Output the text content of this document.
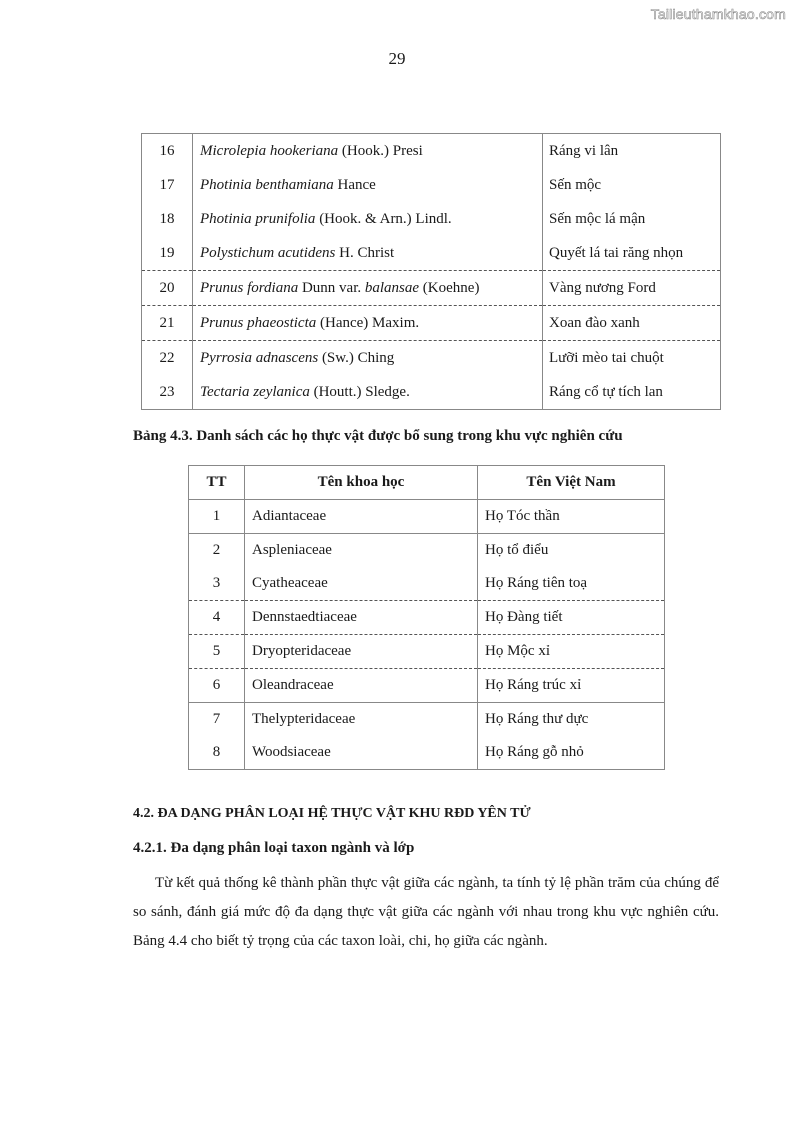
Tailieuthamkhao.com
29
16	Microlepia hookeriana (Hook.) Presi	Ráng vi lân
17	Photinia benthamiana Hance	Sến mộc
18	Photinia prunifolia (Hook. & Arn.) Lindl.	Sến mộc lá mận
19	Polystichum acutidens H. Christ	Quyết lá tai răng nhọn
20	Prunus fordiana Dunn var. balansae (Koehne)	Vàng nương Ford
21	Prunus phaeosticta (Hance) Maxim.	Xoan đào xanh
22	Pyrrosia adnascens (Sw.) Ching	Lưỡi mèo tai chuột
23	Tectaria zeylanica (Houtt.) Sledge.	Ráng cổ tự tích lan
Bảng 4.3. Danh sách các họ thực vật được bổ sung trong khu vực nghiên cứu
TT	Tên khoa học	Tên Việt Nam
1	Adiantaceae	Họ Tóc thần
2	Aspleniaceae	Họ tổ điểu
3	Cyatheaceae	Họ Ráng tiên toạ
4	Dennstaedtiaceae	Họ Đàng tiết
5	Dryopteridaceae	Họ Mộc xỉ
6	Oleandraceae	Họ Ráng trúc xỉ
7	Thelypteridaceae	Họ Ráng thư dực
8	Woodsiaceae	Họ Ráng gỗ nhỏ
4.2. ĐA DẠNG PHÂN LOẠI HỆ THỰC VẬT KHU RĐD YÊN TỬ
4.2.1. Đa dạng phân loại taxon ngành và lớp
Từ kết quả thống kê thành phần thực vật giữa các ngành, ta tính tỷ lệ phần trăm của chúng để so sánh, đánh giá mức độ đa dạng thực vật giữa các ngành với nhau trong khu vực nghiên cứu. Bảng 4.4 cho biết tỷ trọng của các taxon loài, chi, họ giữa các ngành.
